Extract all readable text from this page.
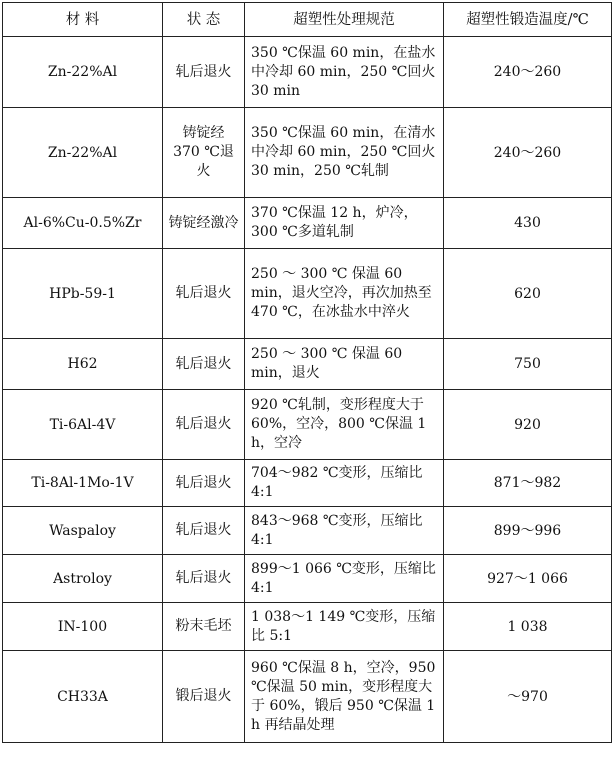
材 料	状 态	超塑性处理规范	超塑性锻造温度/℃
Zn-22%Al	轧后退火	350 ℃保温 60 min，在盐水中冷却 60 min，250 ℃回火 30 min	240～260
Zn-22%Al	铸锭经 370 ℃退火	350 ℃保温 60 min，在清水中冷却 60 min，250 ℃回火 30 min，250 ℃轧制	240～260
Al-6%Cu-0.5%Zr	铸锭经激冷	370 ℃保温 12 h，炉冷，300 ℃多道轧制	430
HPb-59-1	轧后退火	250 ～ 300 ℃ 保温 60 min，退火空冷，再次加热至 470 ℃，在冰盐水中淬火	620
H62	轧后退火	250 ～ 300 ℃ 保温 60 min，退火	750
Ti-6Al-4V	轧后退火	920 ℃轧制，变形程度大于 60%，空冷，800 ℃保温 1 h，空冷	920
Ti-8Al-1Mo-1V	轧后退火	704～982 ℃变形，压缩比 4:1	871～982
Waspaloy	轧后退火	843～968 ℃变形，压缩比 4:1	899～996
Astroloy	轧后退火	899～1 066 ℃变形，压缩比 4:1	927～1 066
IN-100	粉末毛坯	1 038～1 149 ℃变形，压缩比 5:1	1 038
CH33A	锻后退火	960 ℃保温 8 h，空冷，950 ℃保温 50 min，变形程度大于 60%，锻后 950 ℃保温 1 h 再结晶处理	～970
